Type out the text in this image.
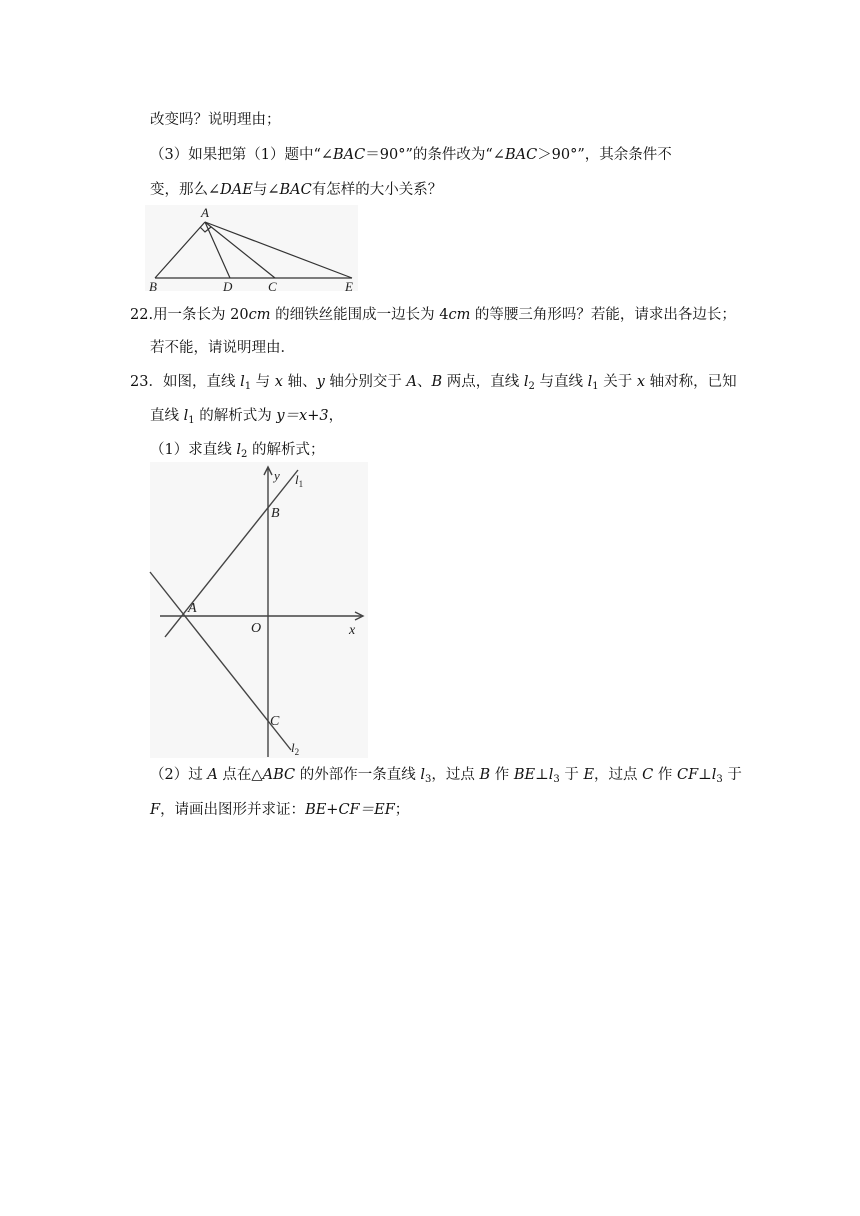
改变吗？说明理由；
（3）如果把第（1）题中“∠BAC＝90°”的条件改为“∠BAC＞90°”，其余条件不
变，那么∠DAE与∠BAC有怎样的大小关系？
A
B	D	C	E
22.用一条长为 20cm 的细铁丝能围成一边长为 4cm 的等腰三角形吗？若能，请求出各边长；
若不能，请说明理由．
23．如图，直线 $l_1$ 与 x 轴、y 轴分别交于 A、B 两点，直线 $l_2$ 与直线 $l_1$ 关于 x 轴对称，已知
直线 $l_1$ 的解析式为 y＝x+3，
（1）求直线 $l_2$ 的解析式；
y $l_1$
B
A
O	x
C
$l_2$
（2）过 A 点在△ABC 的外部作一条直线 $l_3$，过点 B 作 $BE\perp l_3$ 于 E，过点 C 作 $CF\perp l_3$ 于
F，请画出图形并求证：BE+CF＝EF；
